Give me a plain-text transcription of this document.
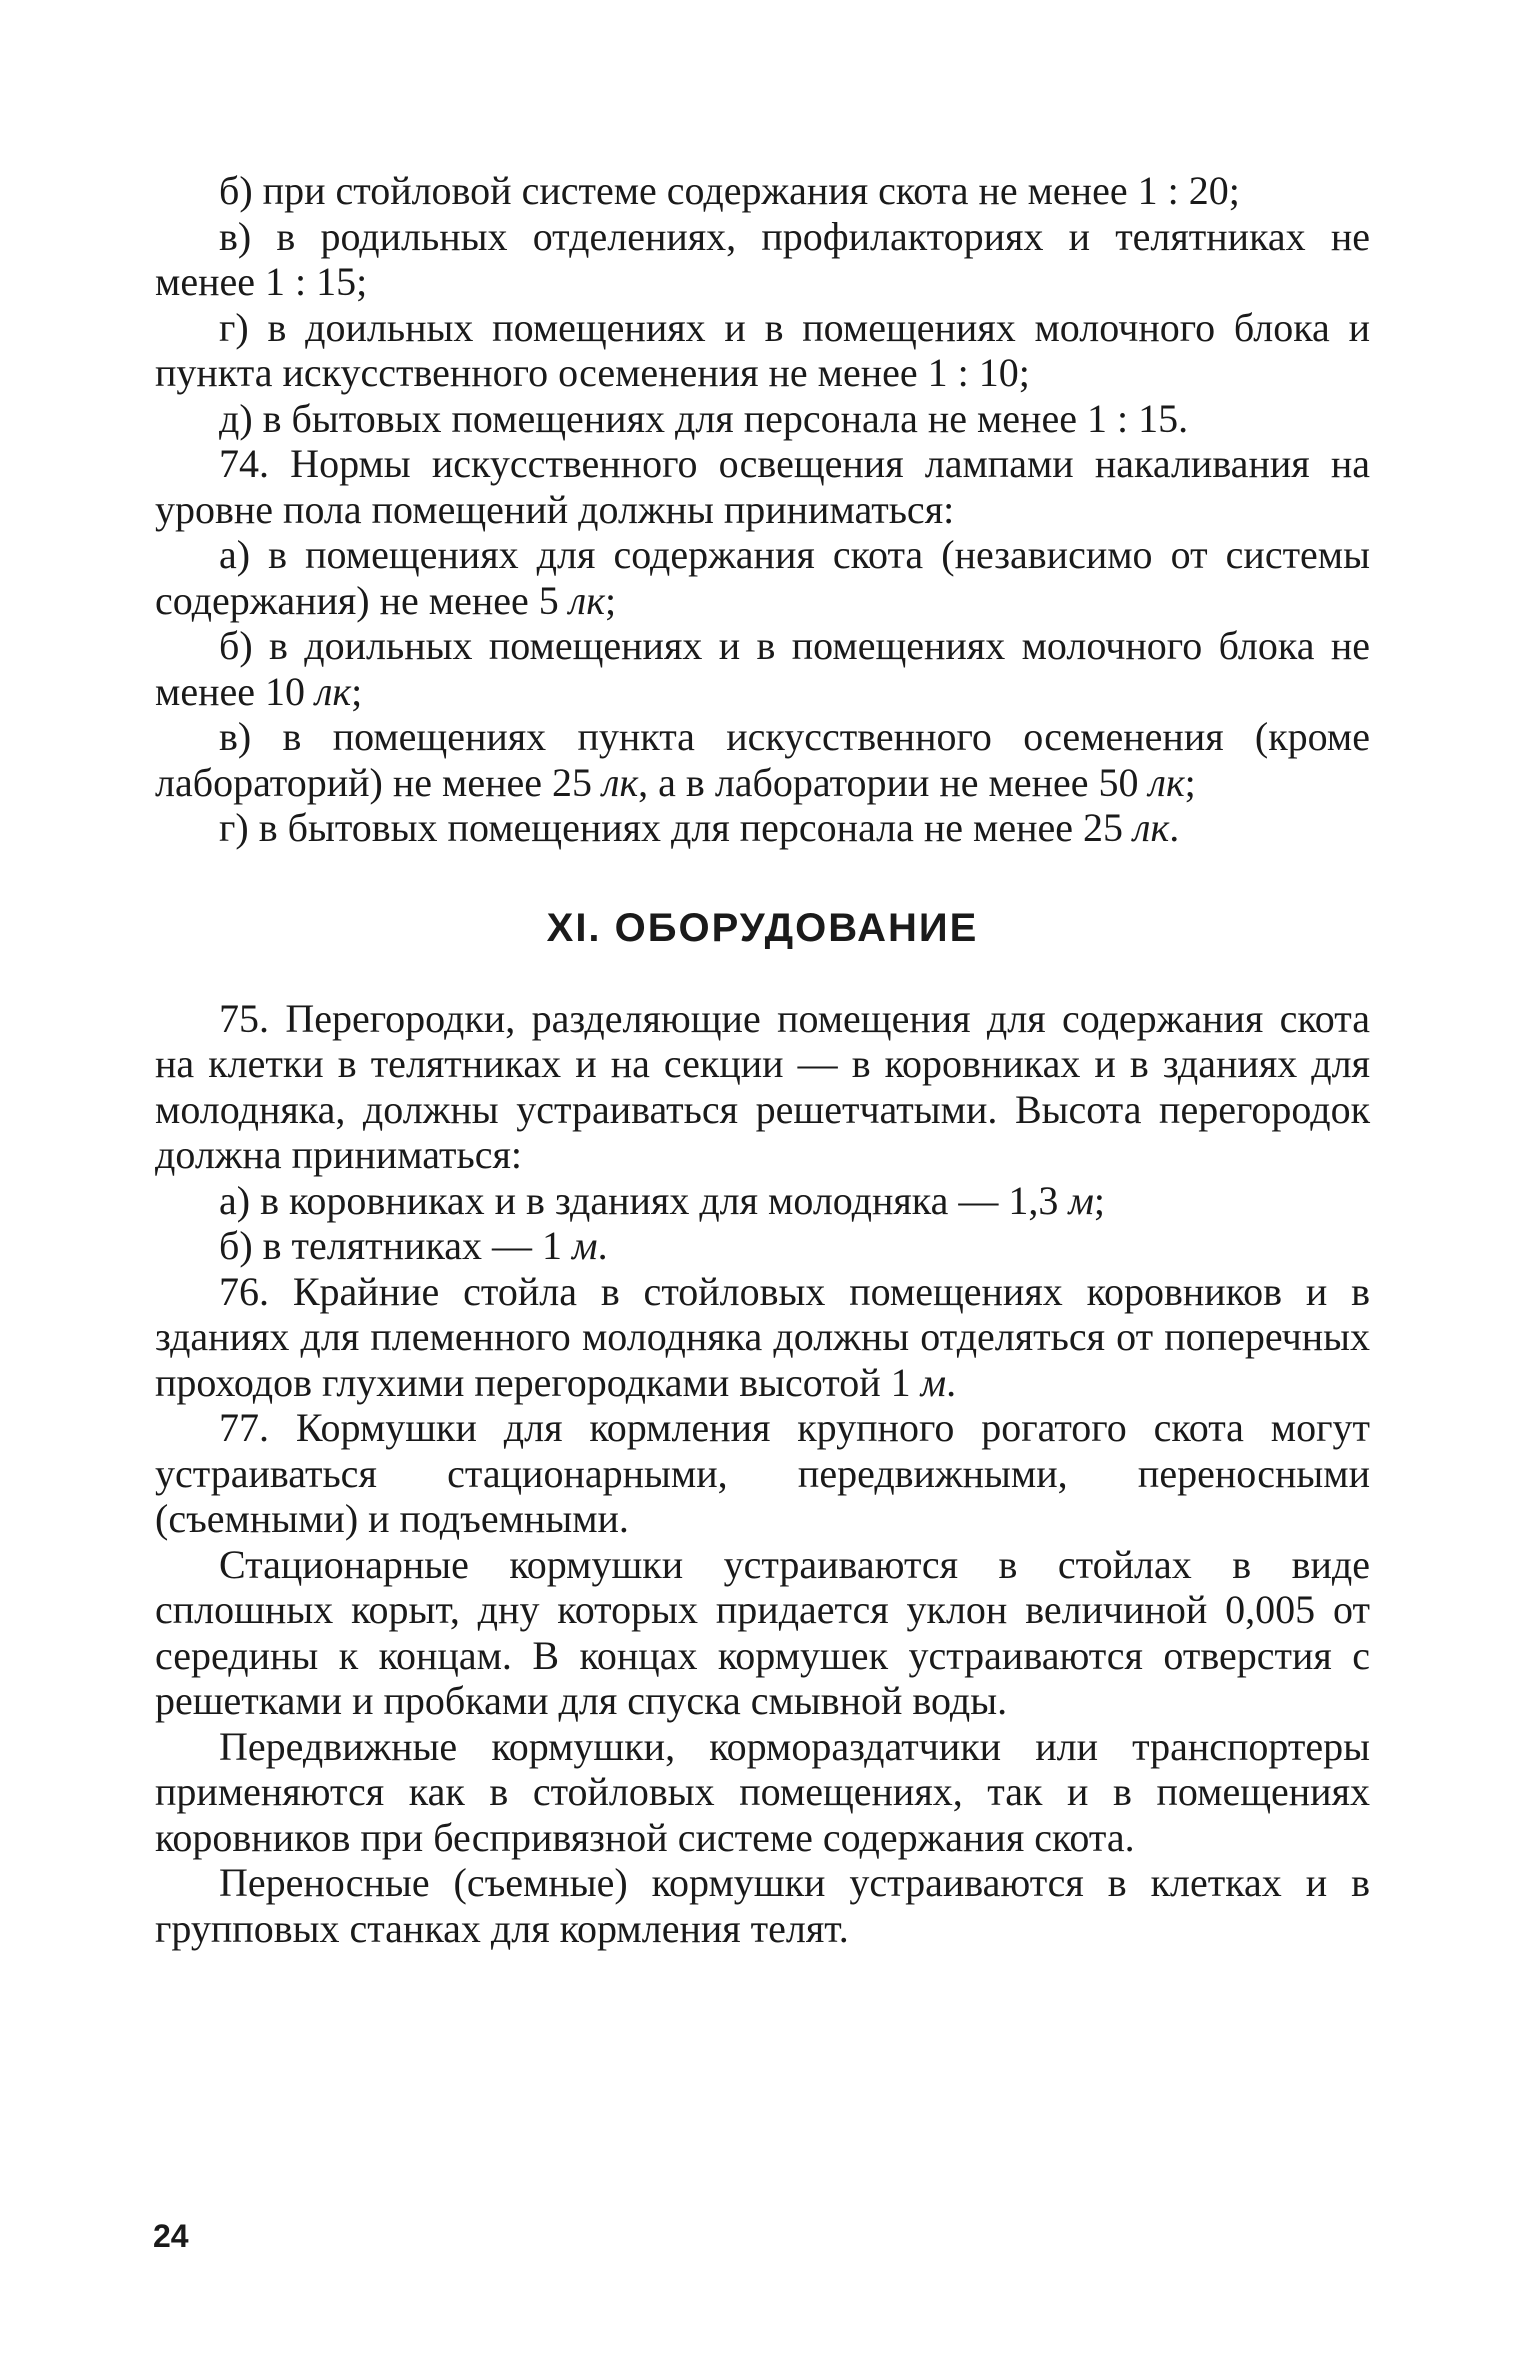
б) при стойловой системе содержания скота не менее 1 : 20;

в) в родильных отделениях, профилакториях и телятниках не менее 1 : 15;

г) в доильных помещениях и в помещениях молочного блока и пункта искусственного осеменения не менее 1 : 10;

д) в бытовых помещениях для персонала не менее 1 : 15.

74. Нормы искусственного освещения лампами накаливания на уровне пола помещений должны приниматься:

а) в помещениях для содержания скота (независимо от системы содержания) не менее 5 лк;

б) в доильных помещениях и в помещениях молочного блока не менее 10 лк;

в) в помещениях пункта искусственного осеменения (кроме лабораторий) не менее 25 лк, а в лаборатории не менее 50 лк;

г) в бытовых помещениях для персонала не менее 25 лк.

XI. ОБОРУДОВАНИЕ

75. Перегородки, разделяющие помещения для содержания скота на клетки в телятниках и на секции — в коровниках и в зданиях для молодняка, должны устраиваться решетчатыми. Высота перегородок должна приниматься:

а) в коровниках и в зданиях для молодняка — 1,3 м;

б) в телятниках — 1 м.

76. Крайние стойла в стойловых помещениях коровников и в зданиях для племенного молодняка должны отделяться от поперечных проходов глухими перегородками высотой 1 м.

77. Кормушки для кормления крупного рогатого скота могут устраиваться стационарными, передвижными, переносными (съемными) и подъемными.

Стационарные кормушки устраиваются в стойлах в виде сплошных корыт, дну которых придается уклон величиной 0,005 от середины к концам. В концах кормушек устраиваются отверстия с решетками и пробками для спуска смывной воды.

Передвижные кормушки, кормораздатчики или транспортеры применяются как в стойловых помещениях, так и в помещениях коровников при беспривязной системе содержания скота.

Переносные (съемные) кормушки устраиваются в клетках и в групповых станках для кормления телят.

24
